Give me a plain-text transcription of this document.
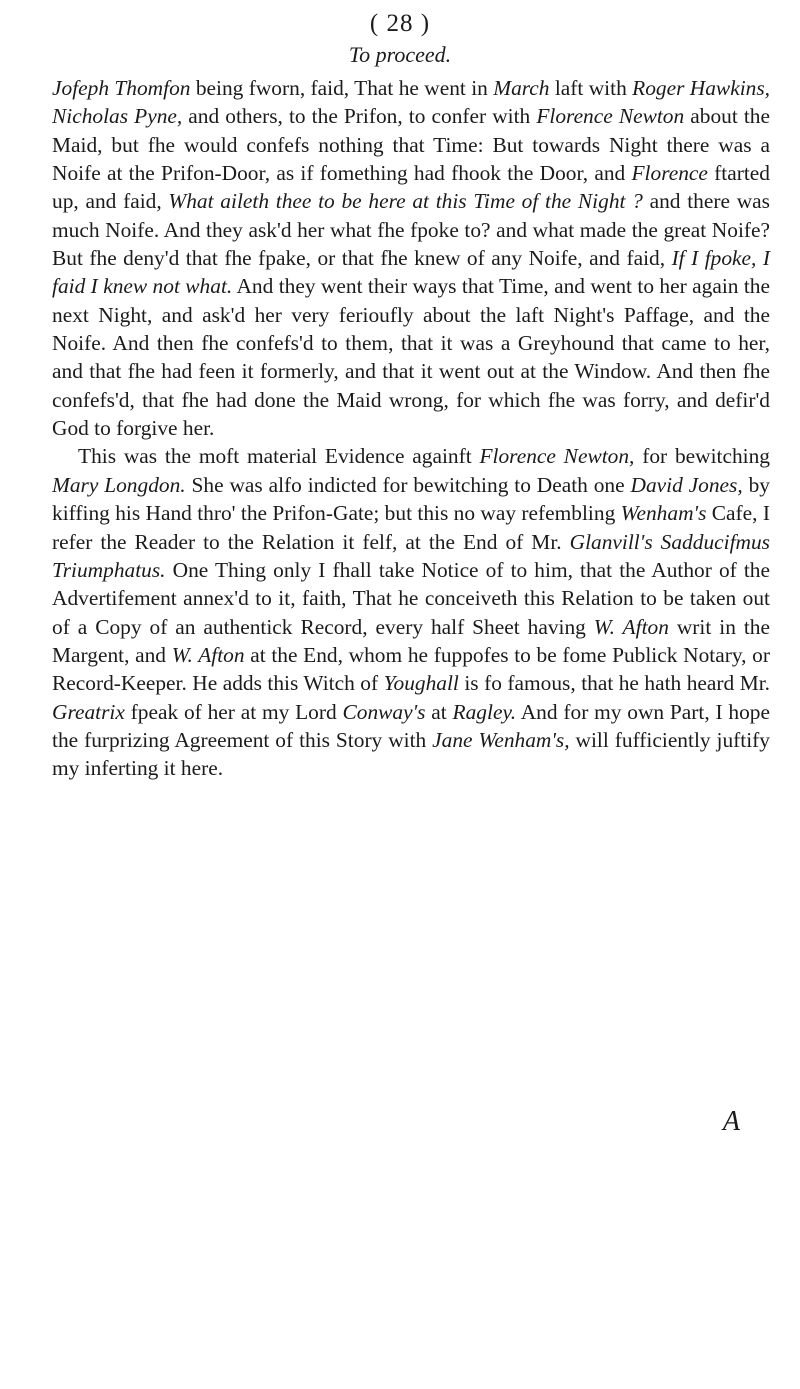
( 28 )
To proceed.

Jofeph Thomfon being fworn, faid, That he went in March laft with Roger Hawkins, Nicholas Pyne, and others, to the Prifon, to confer with Florence Newton about the Maid, but fhe would confefs nothing that Time: But towards Night there was a Noife at the Prifon-Door, as if fomething had fhook the Door, and Florence ftarted up, and faid, What aileth thee to be here at this Time of the Night ? and there was much Noife. And they ask'd her what fhe fpoke to? and what made the great Noife? But fhe deny'd that fhe fpake, or that fhe knew of any Noife, and faid, If I fpoke, I faid I knew not what. And they went their ways that Time, and went to her again the next Night, and ask'd her very ferioufly about the laft Night's Paffage, and the Noife. And then fhe confefs'd to them, that it was a Greyhound that came to her, and that fhe had feen it formerly, and that it went out at the Window. And then fhe confefs'd, that fhe had done the Maid wrong, for which fhe was forry, and defir'd God to forgive her.

This was the moft material Evidence againft Florence Newton, for bewitching Mary Longdon. She was alfo indicted for bewitching to Death one David Jones, by kiffing his Hand thro' the Prifon-Gate; but this no way refembling Wenham's Cafe, I refer the Reader to the Relation it felf, at the End of Mr. Glanvill's Sadducifmus Triumphatus. One Thing only I fhall take Notice of to him, that the Author of the Advertifement annex'd to it, faith, That he conceiveth this Relation to be taken out of a Copy of an authentick Record, every half Sheet having W. Afton writ in the Margent, and W. Afton at the End, whom he fuppofes to be fome Publick Notary, or Record-Keeper. He adds this Witch of Youghall is fo famous, that he hath heard Mr. Greatrix fpeak of her at my Lord Conway's at Ragley. And for my own Part, I hope the furprizing Agreement of this Story with Jane Wenham's, will fufficiently juftify my inferting it here.

A
